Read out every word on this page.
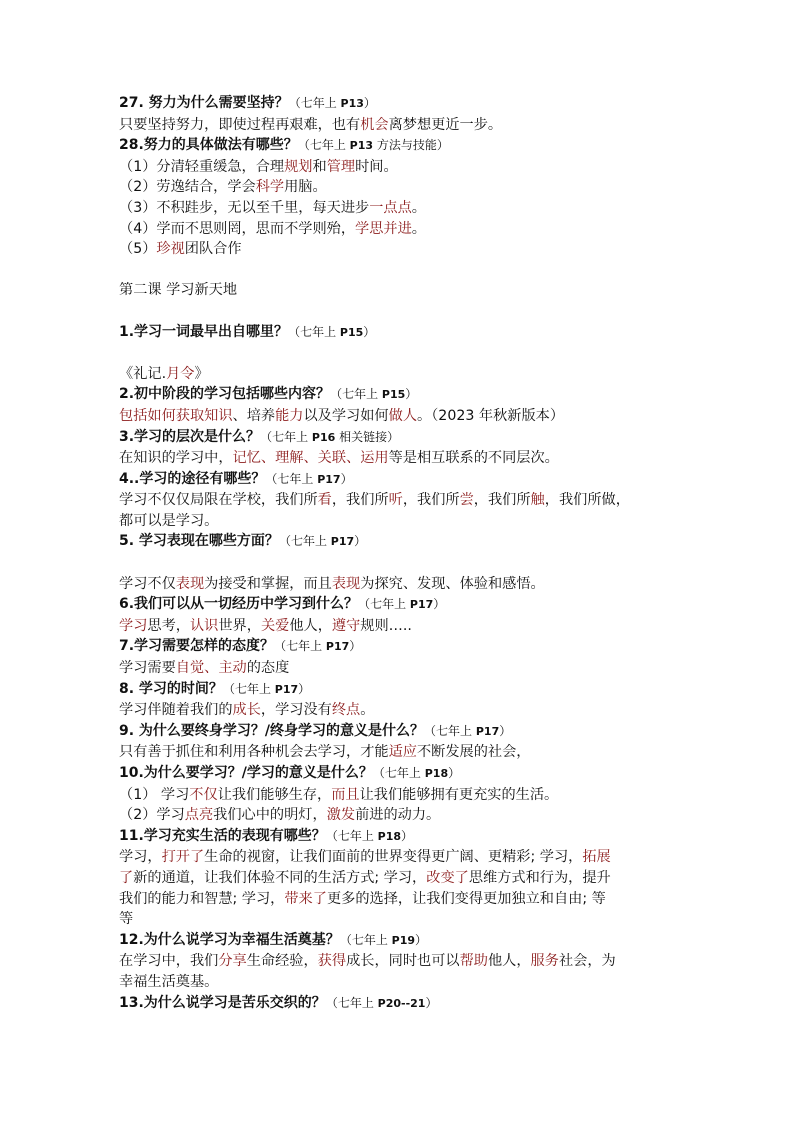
27. 努力为什么需要坚持？（七年上 P13）
只要坚持努力，即使过程再艰难，也有机会离梦想更近一步。
28.努力的具体做法有哪些？（七年上 P13 方法与技能）
（1）分清轻重缓急，合理规划和管理时间。
（2）劳逸结合，学会科学用脑。
（3）不积跬步，无以至千里，每天进步一点点。
（4）学而不思则罔，思而不学则殆，学思并进。
（5）珍视团队合作
第二课 学习新天地
1.学习一词最早出自哪里？（七年上 P15）
《礼记.月令》
2.初中阶段的学习包括哪些内容？（七年上 P15）
包括如何获取知识、培养能力以及学习如何做人。（2023 年秋新版本）
3.学习的层次是什么？（七年上 P16 相关链接）
在知识的学习中，记忆、理解、关联、运用等是相互联系的不同层次。
4..学习的途径有哪些？（七年上 P17）
学习不仅仅局限在学校，我们所看，我们所听，我们所尝，我们所触，我们所做，
都可以是学习。
5. 学习表现在哪些方面？（七年上 P17）
学习不仅表现为接受和掌握，而且表现为探究、发现、体验和感悟。
6.我们可以从一切经历中学习到什么？（七年上 P17）
学习思考，认识世界，关爱他人，遵守规则…..
7.学习需要怎样的态度？（七年上 P17）
学习需要自觉、主动的态度
8. 学习的时间？（七年上 P17）
学习伴随着我们的成长，学习没有终点。
9. 为什么要终身学习？/终身学习的意义是什么？（七年上 P17）
只有善于抓住和利用各种机会去学习，才能适应不断发展的社会，
10.为什么要学习？/学习的意义是什么？（七年上 P18）
（1） 学习不仅让我们能够生存，而且让我们能够拥有更充实的生活。
（2）学习点亮我们心中的明灯，激发前进的动力。
11.学习充实生活的表现有哪些？（七年上 P18）
学习，打开了生命的视窗，让我们面前的世界变得更广阔、更精彩; 学习，拓展
了新的通道，让我们体验不同的生活方式; 学习，改变了思维方式和行为，提升
我们的能力和智慧; 学习，带来了更多的选择，让我们变得更加独立和自由; 等
等
12.为什么说学习为幸福生活奠基？（七年上 P19）
在学习中，我们分享生命经验，获得成长，同时也可以帮助他人，服务社会，为
幸福生活奠基。
13.为什么说学习是苦乐交织的？（七年上 P20--21）
